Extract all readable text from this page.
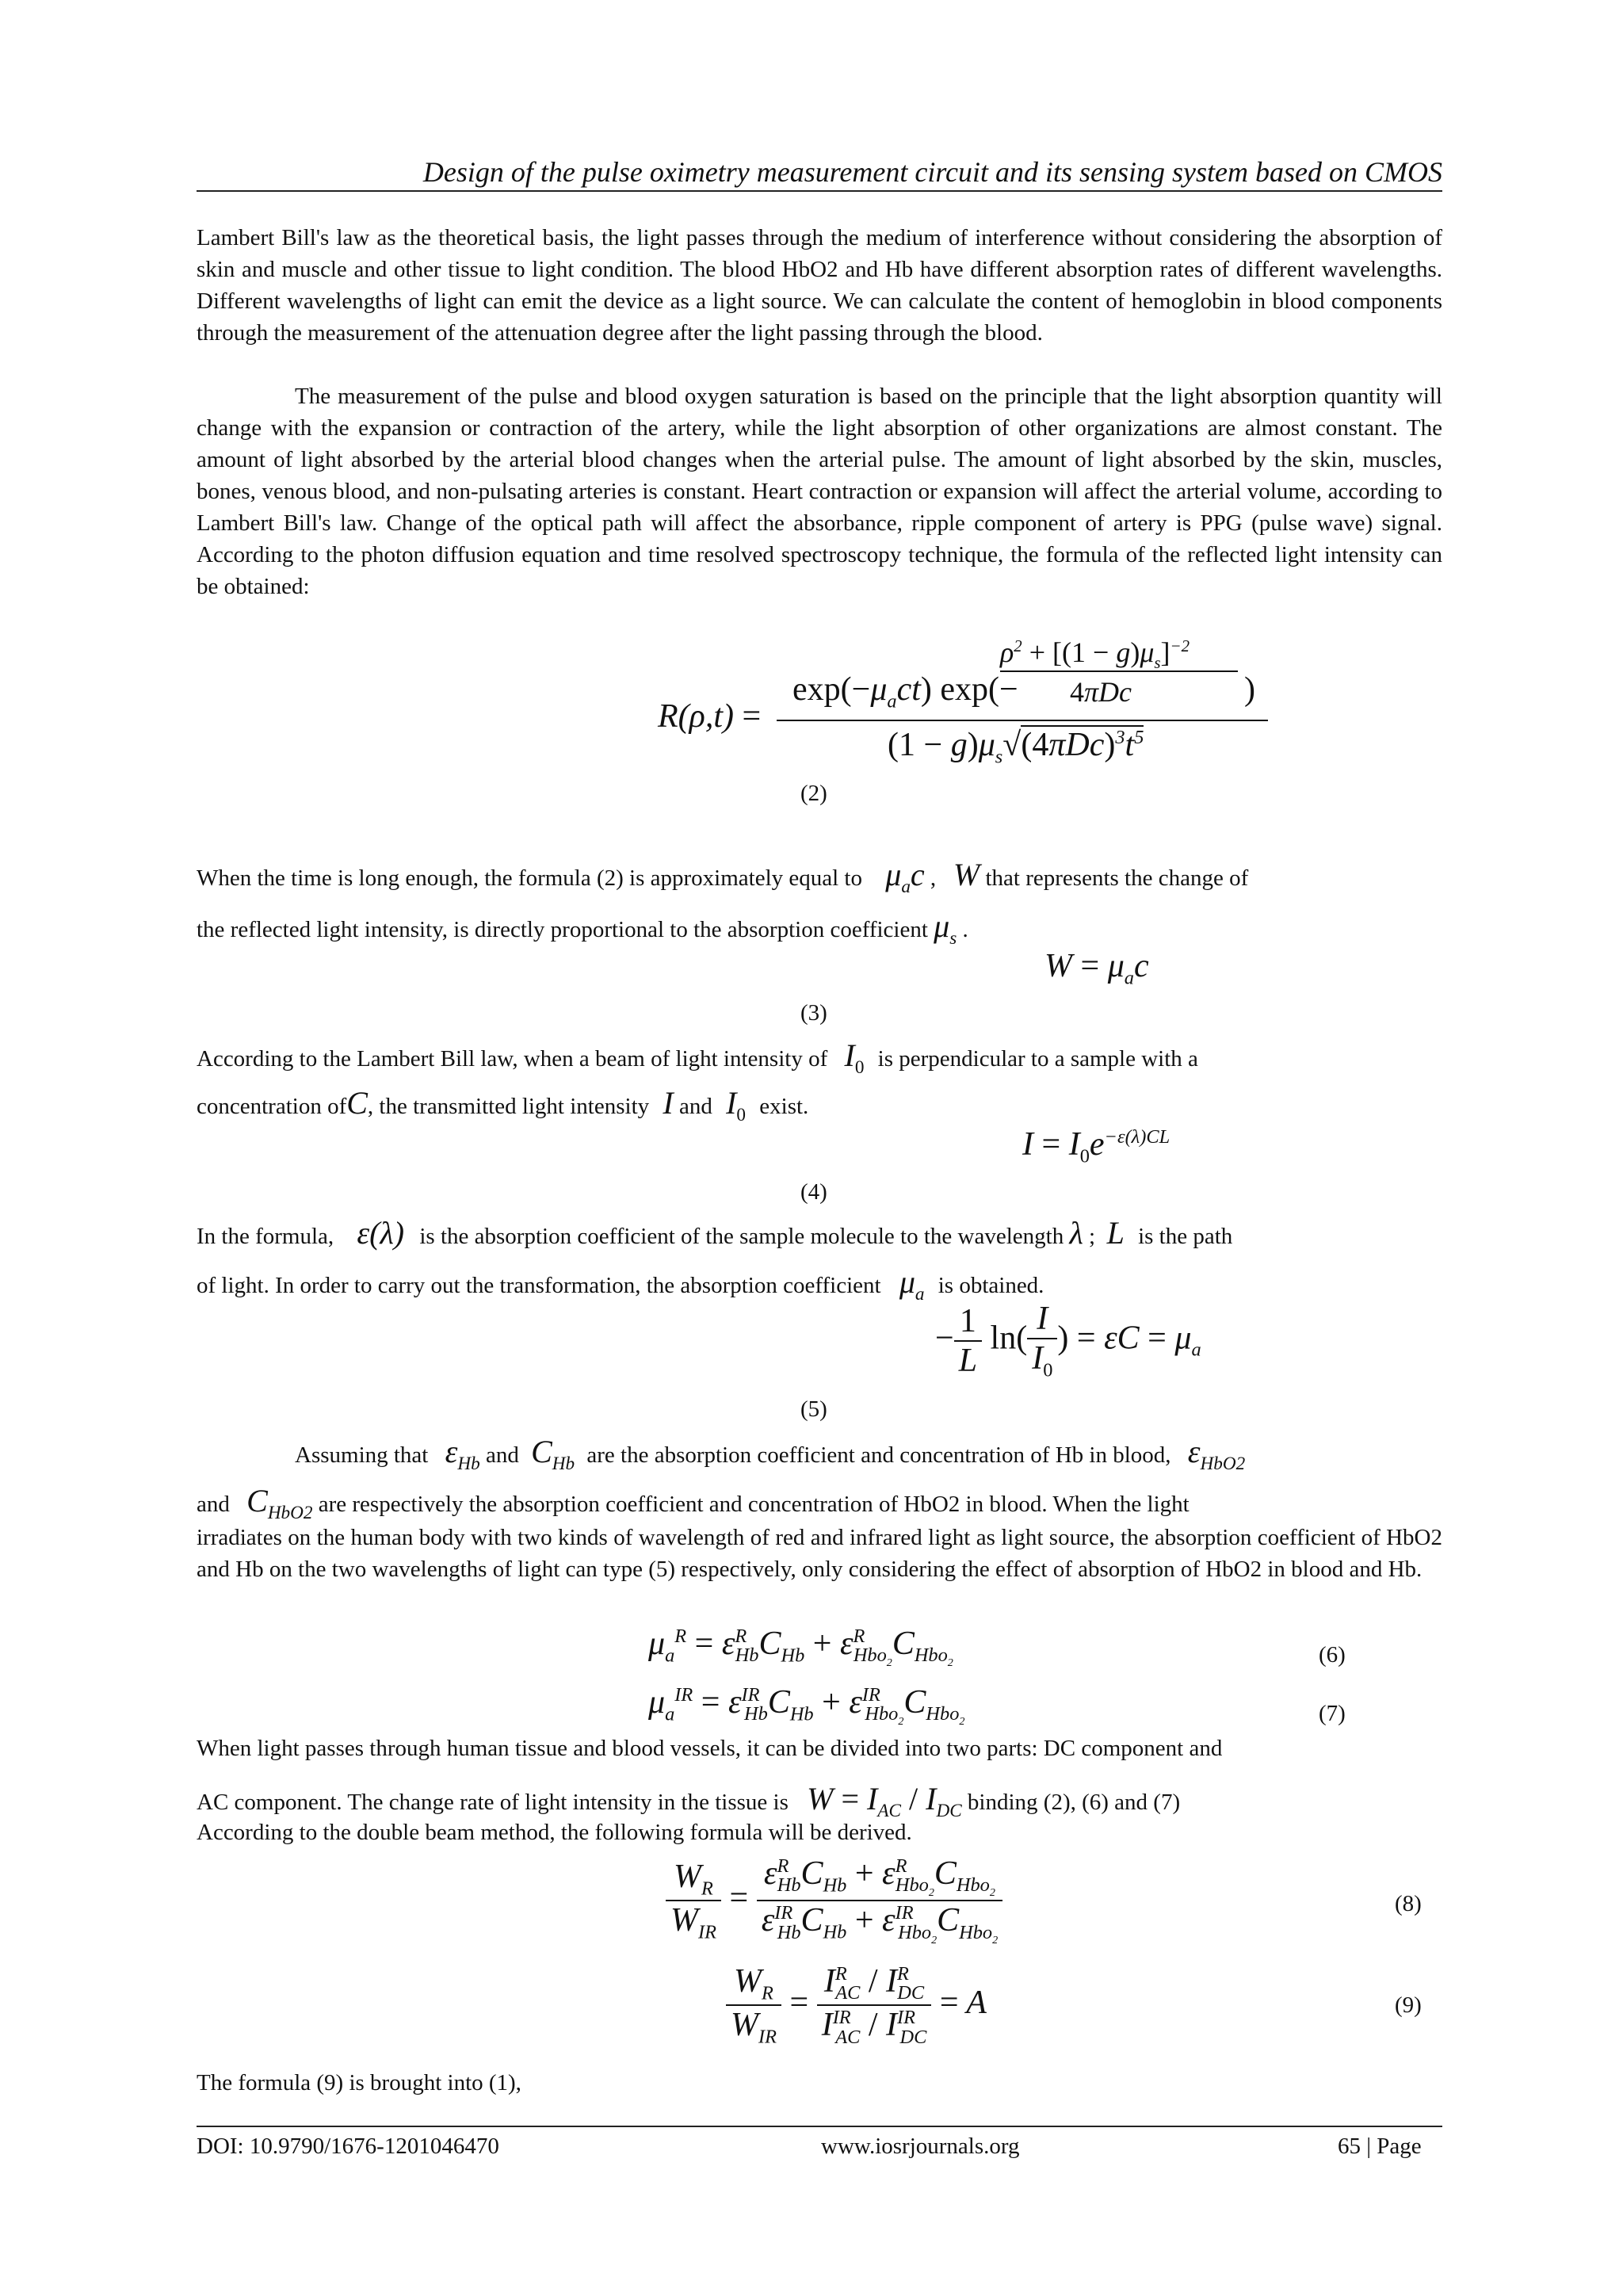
Design of the pulse oximetry measurement circuit and its sensing system based on CMOS

Lambert Bill's law as the theoretical basis, the light passes through the medium of interference without considering the absorption of skin and muscle and other tissue to light condition. The blood HbO2 and Hb have different absorption rates of different wavelengths. Different wavelengths of light can emit the device as a light source. We can calculate the content of hemoglobin in blood components through the measurement of the attenuation degree after the light passing through the blood.

The measurement of the pulse and blood oxygen saturation is based on the principle that the light absorption quantity will change with the expansion or contraction of the artery, while the light absorption of other organizations are almost constant. The amount of light absorbed by the arterial blood changes when the arterial pulse. The amount of light absorbed by the skin, muscles, bones, venous blood, and non-pulsating arteries is constant. Heart contraction or expansion will affect the arterial volume, according to Lambert Bill's law. Change of the optical path will affect the absorbance, ripple component of artery is PPG (pulse wave) signal. According to the photon diffusion equation and time resolved spectroscopy technique, the formula of the reflected light intensity can be obtained:

R(ρ,t) =
$\exp(-\mu_act)$ exp(−
$\rho^2 + [(1 - g)\mu_s]^{-2}$
4πDc	)
$(1 - g)\mu_s√(4\pi Dc)^3t^5$
(2)
When the time is long enough, the formula (2) is approximately equal to $\mu_ac$ ,   W that represents the change of
the reflected light intensity, is directly proportional to the absorption coefficient $\mu_s$ .
$W = \mu_ac$
(3)
According to the Lambert Bill law, when a beam of light intensity of $I_0$ is perpendicular to a sample with a
concentration ofC, the transmitted light intensity I and $I_0$ exist.
$I = I_0e^{-\varepsilon(\lambda)CL}$
(4)
In the formula, ε(λ) is the absorption coefficient of the sample molecule to the wavelength λ ;  L is the path
of light. In order to carry out the transformation, the absorption coefficient $\mu_a$ is obtained.
− $\frac{1}{L} \ln( \frac{I}{I_0}$ ) = $\varepsilon C = \mu_a$
(5)
Assuming that $\varepsilon_{Hb}$ and $C_{Hb}$ are the absorption coefficient and concentration of Hb in blood, $\varepsilon_{HbO2}$
and $C_{HbO2}$ are respectively the absorption coefficient and concentration of HbO2 in blood. When the light

irradiates on the human body with two kinds of wavelength of red and infrared light as light source, the absorption coefficient of HbO2 and Hb on the two wavelengths of light can type (5) respectively, only considering the effect of absorption of HbO2 in blood and Hb.

$\mu_a^R = \varepsilon^R_{Hb}C_{Hb} + \varepsilon^R_{Hbo_2}C_{Hbo_2}$	(6)
$\mu_a^{IR} = \varepsilon^{IR}_{Hb}C_{Hb} + \varepsilon^{IR}_{Hbo_2}C_{Hbo_2}$	(7)
When light passes through human tissue and blood vessels, it can be divided into two parts: DC component and
AC component. The change rate of light intensity in the tissue is $W = I_{AC} / I_{DC}$ binding (2), (6) and (7)
According to the double beam method, the following formula will be derived.
$\frac{W_R}{W_{IR}} = \frac{\varepsilon^R_{Hb}C_{Hb} + \varepsilon^R_{Hbo_2}C_{Hbo_2}}{\varepsilon^{IR}_{Hb}C_{Hb} + \varepsilon^{IR}_{Hbo_2}C_{Hbo_2}}$	(8)
$\frac{W_R}{W_{IR}} = \frac{I^R_{AC} / I^R_{DC}}{I^{IR}_{AC} / I^{IR}_{DC}} = A$	(9)
The formula (9) is brought into (1),
DOI: 10.9790/1676-1201046470	www.iosrjournals.org	65 | Page
